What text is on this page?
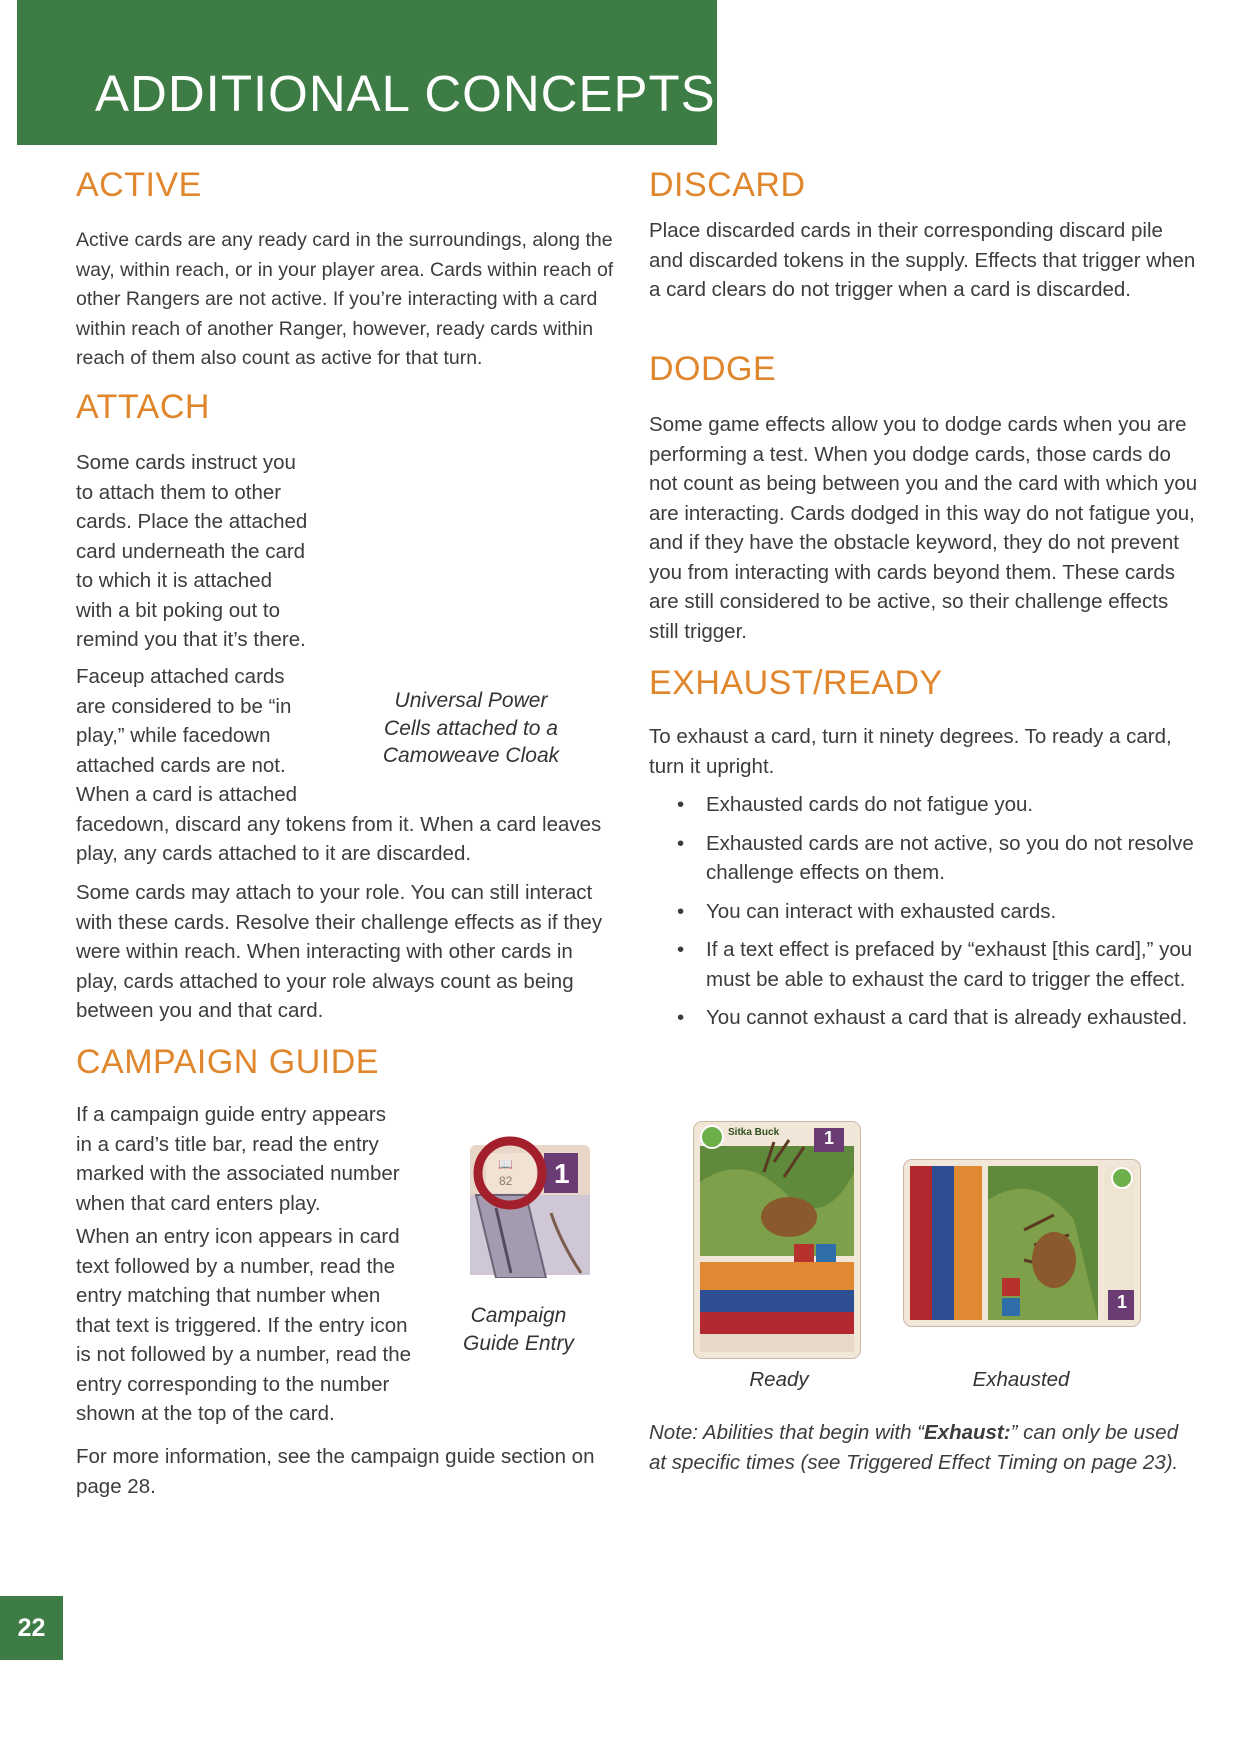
ADDITIONAL CONCEPTS
ACTIVE

Active cards are any ready card in the surroundings, along the way, within reach, or in your player area. Cards within reach of other Rangers are not active. If you’re interacting with a card within reach of another Ranger, however, ready cards within reach of them also count as active for that turn.

ATTACH
Some cards instruct you
to attach them to other
cards. Place the attached
card underneath the card
to which it is attached
with a bit poking out to
remind you that it’s there.
Faceup attached cards
are considered to be “in
play,” while facedown
attached cards are not.
When a card is attached
facedown, discard any tokens from it. When a card leaves play, any cards attached to it are discarded.
Universal Power
Cells attached to a
Camoweave Cloak

Some cards may attach to your role. You can still interact with these cards. Resolve their challenge effects as if they were within reach. When interacting with other cards in play, cards attached to your role always count as being between you and that card.

CAMPAIGN GUIDE
If a campaign guide entry appears
in a card’s title bar, read the entry
marked with the associated number
when that card enters play.
When an entry icon appears in card
text followed by a number, read the
entry matching that number when
that text is triggered. If the entry icon
is not followed by a number, read the
entry corresponding to the number
shown at the top of the card.

For more information, see the campaign guide section on page 28.

📖
82 1
Campaign
Guide Entry
DISCARD

Place discarded cards in their corresponding discard pile and discarded tokens in the supply. Effects that trigger when a card clears do not trigger when a card is discarded.

DODGE

Some game effects allow you to dodge cards when you are performing a test. When you dodge cards, those cards do not count as being between you and the card with which you are interacting. Cards dodged in this way do not fatigue you, and if they have the obstacle keyword, they do not prevent you from interacting with cards beyond them. These cards are still considered to be active, so their challenge effects still trigger.

EXHAUST/READY

To exhaust a card, turn it ninety degrees. To ready a card, turn it upright.

• Exhausted cards do not fatigue you.
• Exhausted cards are not active, so you do not resolve challenge effects on them.
• You can interact with exhausted cards.
• If a text effect is prefaced by “exhaust [this card],” you must be able to exhaust the card to trigger the effect.
• You cannot exhaust a card that is already exhausted.
Sitka Buck 1
1
Ready	Exhausted
Note: Abilities that begin with “Exhaust:” can only be used at specific times (see Triggered Effect Timing on page 23).
22
